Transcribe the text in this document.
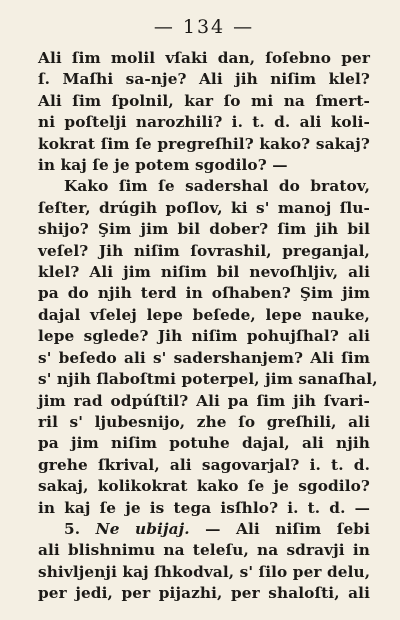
— 134 —
Ali ſim molil vſaki dan, ſoſebno per
ſ. Maſhi sa-nje? Ali jih niſim klel?
Ali ſim ſpolnil, kar ſo mi na ſmert-
ni poſtelji narozhili? i. t. d. ali koli-
kokrat ſim ſe pregreſhil? kako? sakaj?
in kaj ſe je potem sgodilo? —
Kako ſim ſe sadershal do bratov,
ſeſter, drúgih poſlov, ki s' manoj ſlu-
shijo? Şim jim bil dober? ſim jih bil
veſel? Jih niſim ſovrashil, preganjal,
klel? Ali jim niſim bil nevoſhljiv, ali
pa do njih terd in oſhaben? Şim jim
dajal vſelej lepe beſede, lepe nauke,
lepe sglede? Jih niſim pohujſhal? ali
s' beſedo ali s' sadershanjem? Ali ſim
s' njih ſlaboſtmi poterpel, jim sanaſhal,
jim rad odpúſtil? Ali pa ſim jih ſvari-
ril s' ljubesnijo, zhe ſo greſhili, ali
pa jim niſim potuhe dajal, ali njih
grehe ſkrival, ali sagovarjal? i. t. d.
sakaj, kolikokrat kako ſe je sgodilo?
in kaj ſe je is tega isſhlo? i. t. d. —
5. Ne ubijaj. — Ali niſim ſebi
ali blishnimu na teleſu, na sdravji in
shivljenji kaj ſhkodval, s' ſilo per delu,
per jedi, per pijazhi, per shaloſti, ali
